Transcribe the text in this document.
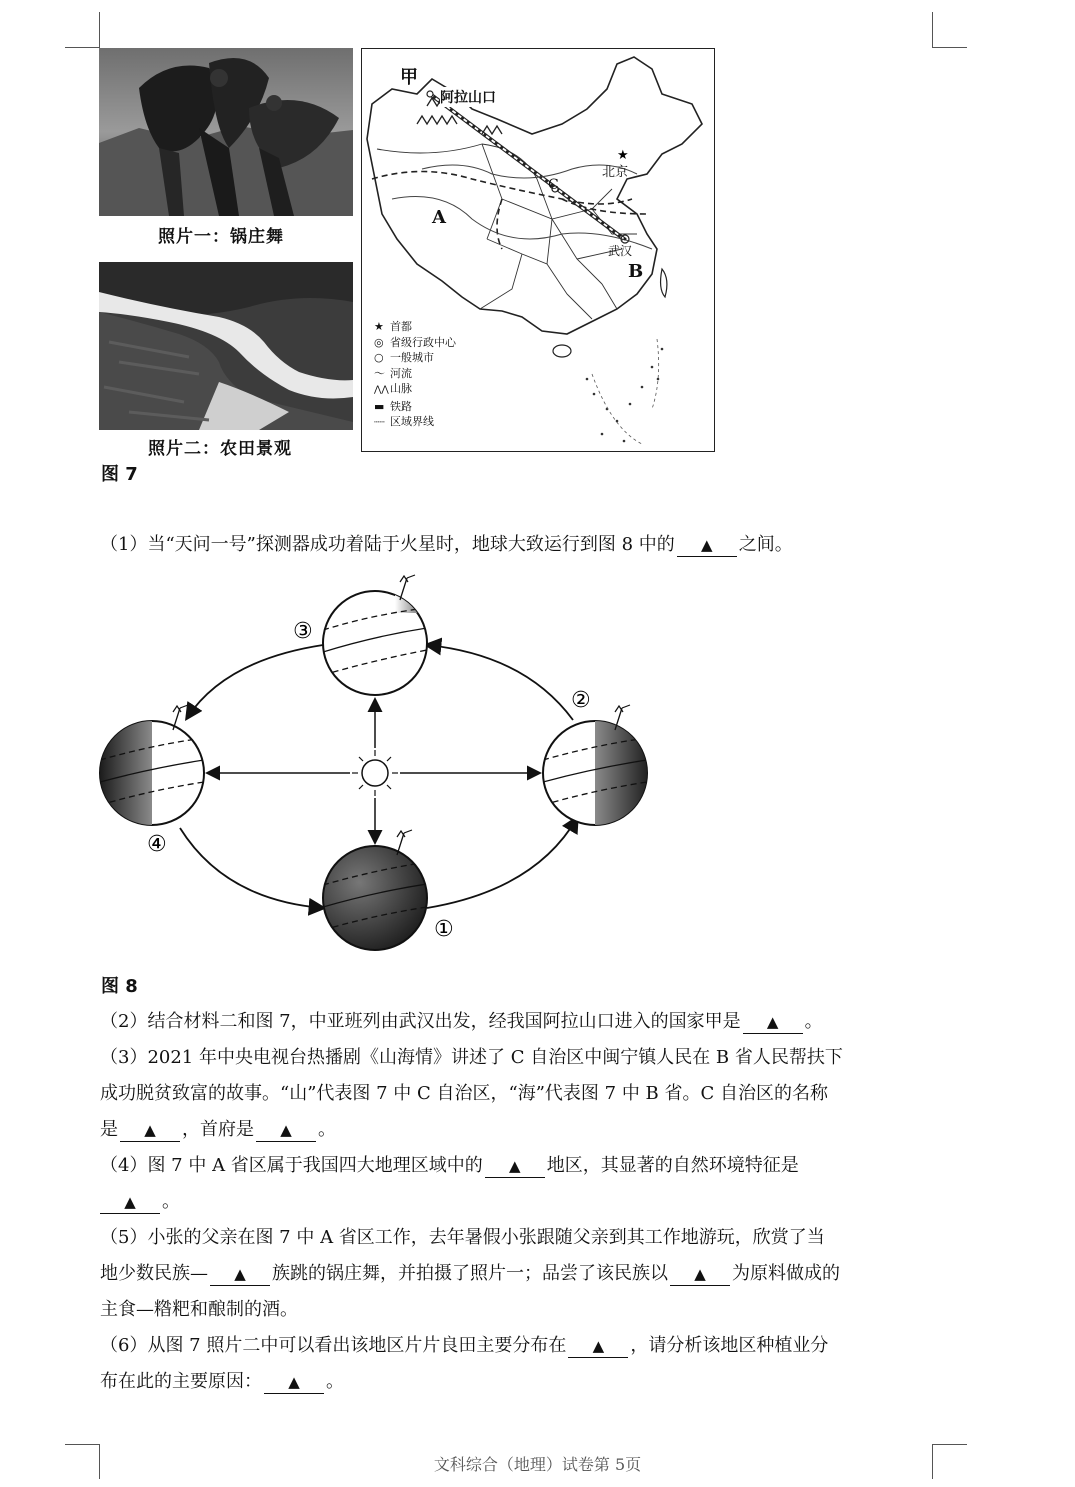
照片一：锅庄舞
照片二：农田景观
★
甲
阿拉山口
北京
武汉
A
B
C
★ 首都
◎ 省级行政中心
○ 一般城市
〜 河流
⋀⋀山脉
▬ 铁路
┄┄ 区域界线
图 7
（1）当“天问一号”探测器成功着陆于火星时，地球大致运行到图 8 中的 ▲ 之间。
①
②
③
④
图 8
（2）结合材料二和图 7，中亚班列由武汉出发，经我国阿拉山口进入的国家甲是 ▲ 。
（3）2021 年中央电视台热播剧《山海情》讲述了 C 自治区中闽宁镇人民在 B 省人民帮扶下
成功脱贫致富的故事。“山”代表图 7 中 C 自治区，“海”代表图 7 中 B 省。C 自治区的名称
是 ▲ ，首府是 ▲ 。
（4）图 7 中 A 省区属于我国四大地理区域中的 ▲ 地区，其显著的自然环境特征是
▲ 。
（5）小张的父亲在图 7 中 A 省区工作，去年暑假小张跟随父亲到其工作地游玩，欣赏了当
地少数民族— ▲ 族跳的锅庄舞，并拍摄了照片一；品尝了该民族以 ▲ 为原料做成的
主食—糌粑和酿制的酒。
（6）从图 7 照片二中可以看出该地区片片良田主要分布在 ▲ ，请分析该地区种植业分
布在此的主要原因： ▲ 。
文科综合（地理）试卷第 5页
